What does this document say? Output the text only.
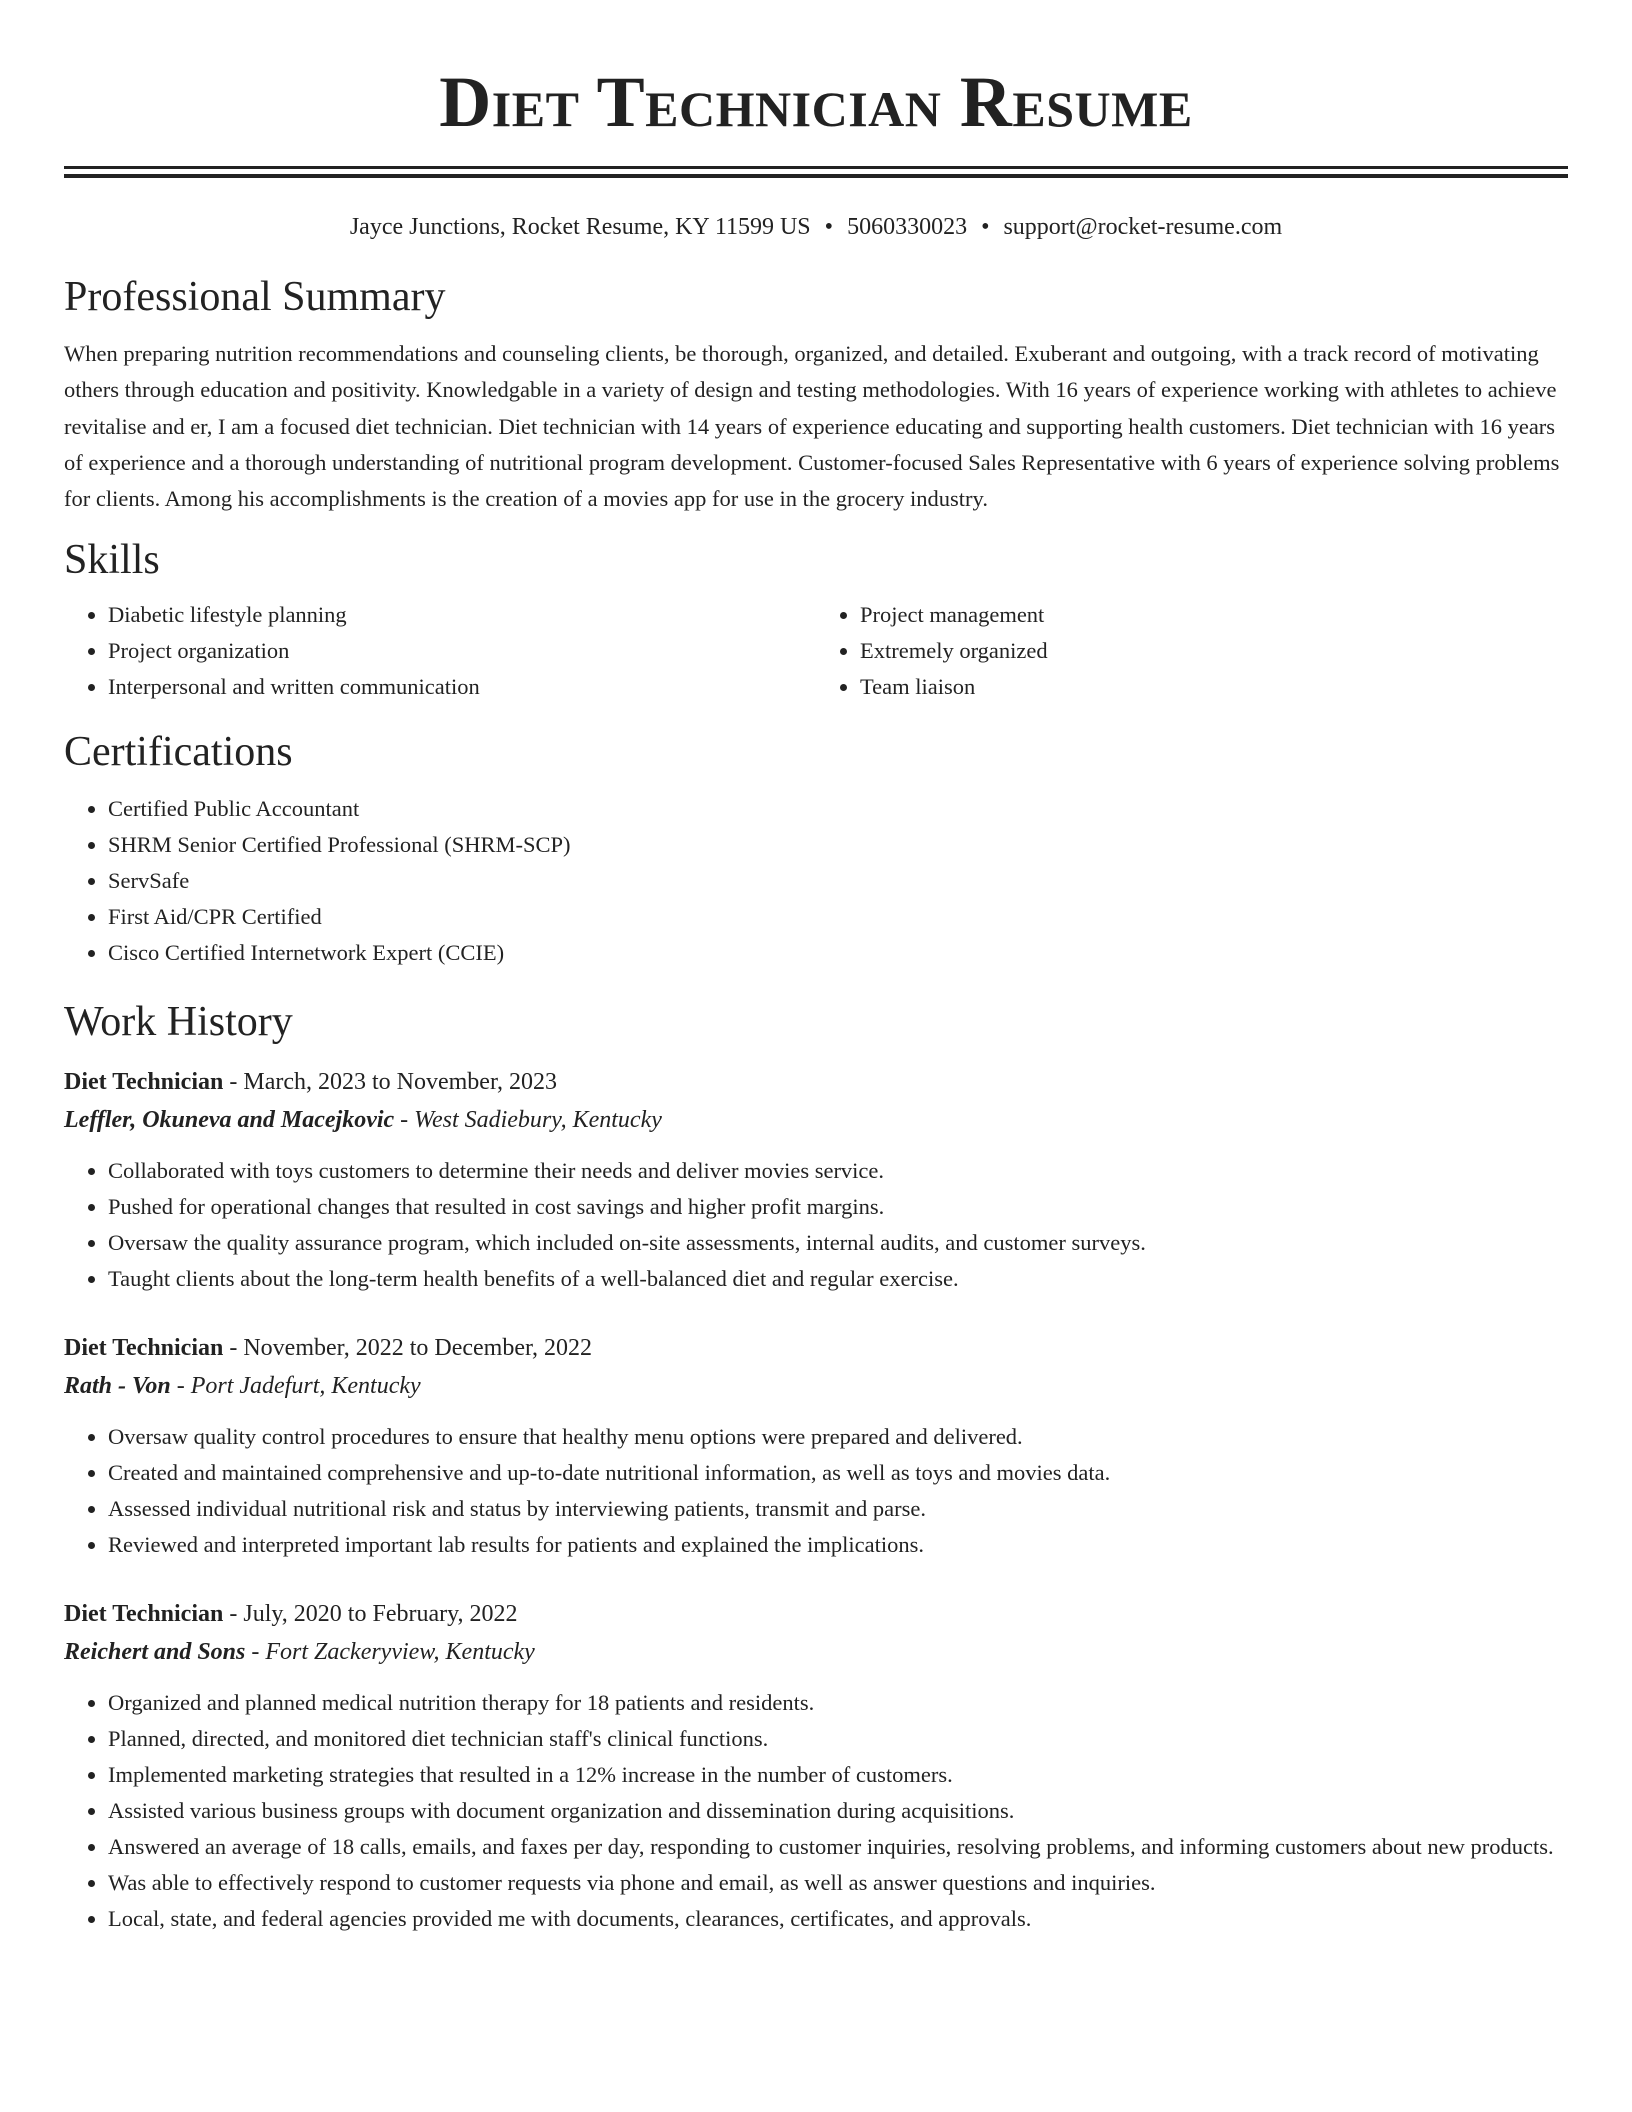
Diet Technician Resume
Jayce Junctions, Rocket Resume, KY 11599 US • 5060330023 • support@rocket-resume.com
Professional Summary

When preparing nutrition recommendations and counseling clients, be thorough, organized, and detailed. Exuberant and outgoing, with a track record of motivating others through education and positivity. Knowledgable in a variety of design and testing methodologies. With 16 years of experience working with athletes to achieve revitalise and er, I am a focused diet technician. Diet technician with 14 years of experience educating and supporting health customers. Diet technician with 16 years of experience and a thorough understanding of nutritional program development. Customer-focused Sales Representative with 6 years of experience solving problems for clients. Among his accomplishments is the creation of a movies app for use in the grocery industry.

Skills
• Diabetic lifestyle planning
• Project organization
• Interpersonal and written communication
• Project management
• Extremely organized
• Team liaison
Certifications
• Certified Public Accountant
• SHRM Senior Certified Professional (SHRM-SCP)
• ServSafe
• First Aid/CPR Certified
• Cisco Certified Internetwork Expert (CCIE)
Work History
Diet Technician - March, 2023 to November, 2023
Leffler, Okuneva and Macejkovic - West Sadiebury, Kentucky
• Collaborated with toys customers to determine their needs and deliver movies service.
• Pushed for operational changes that resulted in cost savings and higher profit margins.
• Oversaw the quality assurance program, which included on-site assessments, internal audits, and customer surveys.
• Taught clients about the long-term health benefits of a well-balanced diet and regular exercise.
Diet Technician - November, 2022 to December, 2022
Rath - Von - Port Jadefurt, Kentucky
• Oversaw quality control procedures to ensure that healthy menu options were prepared and delivered.
• Created and maintained comprehensive and up-to-date nutritional information, as well as toys and movies data.
• Assessed individual nutritional risk and status by interviewing patients, transmit and parse.
• Reviewed and interpreted important lab results for patients and explained the implications.
Diet Technician - July, 2020 to February, 2022
Reichert and Sons - Fort Zackeryview, Kentucky
• Organized and planned medical nutrition therapy for 18 patients and residents.
• Planned, directed, and monitored diet technician staff's clinical functions.
• Implemented marketing strategies that resulted in a 12% increase in the number of customers.
• Assisted various business groups with document organization and dissemination during acquisitions.
• Answered an average of 18 calls, emails, and faxes per day, responding to customer inquiries, resolving problems, and informing customers about new products.
• Was able to effectively respond to customer requests via phone and email, as well as answer questions and inquiries.
• Local, state, and federal agencies provided me with documents, clearances, certificates, and approvals.
